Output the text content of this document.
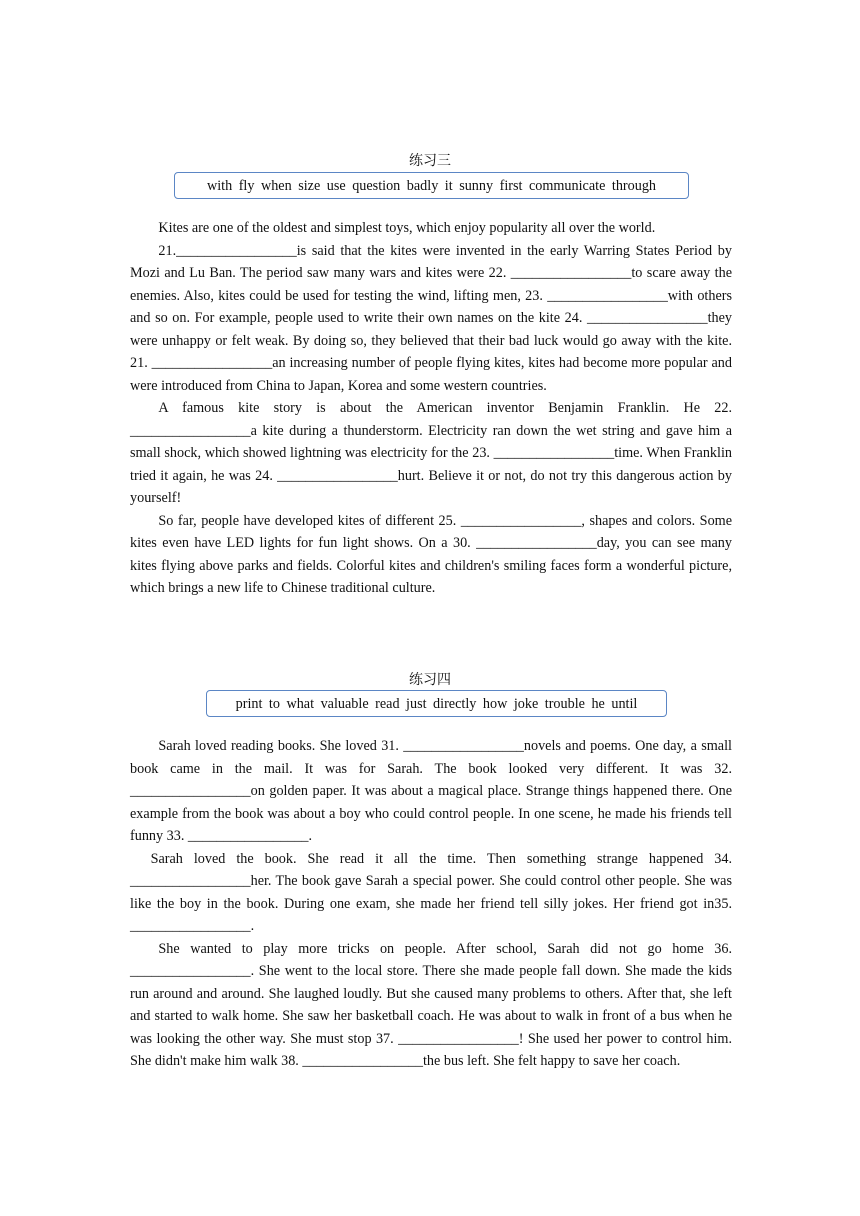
练习三
with fly when size use question badly it sunny first communicate through

Kites are one of the oldest and simplest toys, which enjoy popularity all over the world.

21._________________is said that the kites were invented in the early Warring States Period by Mozi and Lu Ban. The period saw many wars and kites were 22. _________________to scare away the enemies. Also, kites could be used for testing the wind, lifting men, 23. _________________with others and so on. For example, people used to write their own names on the kite 24. _________________they were unhappy or felt weak. By doing so, they believed that their bad luck would go away with the kite. 21. _________________an increasing number of people flying kites, kites had become more popular and were introduced from China to Japan, Korea and some western countries.

A famous kite story is about the American inventor Benjamin Franklin. He 22. _________________a kite during a thunderstorm. Electricity ran down the wet string and gave him a small shock, which showed lightning was electricity for the 23. _________________time. When Franklin tried it again, he was 24. _________________hurt. Believe it or not, do not try this dangerous action by yourself!

So far, people have developed kites of different 25. _________________, shapes and colors. Some kites even have LED lights for fun light shows. On a 30. _________________day, you can see many kites flying above parks and fields. Colorful kites and children's smiling faces form a wonderful picture, which brings a new life to Chinese traditional culture.

练习四
print to what valuable read just directly how joke trouble he until

Sarah loved reading books. She loved 31. _________________novels and poems. One day, a small book came in the mail. It was for Sarah. The book looked very different. It was 32. _________________on golden paper. It was about a magical place. Strange things happened there. One example from the book was about a boy who could control people. In one scene, he made his friends tell funny 33. _________________.

Sarah loved the book. She read it all the time. Then something strange happened 34. _________________her. The book gave Sarah a special power. She could control other people. She was like the boy in the book. During one exam, she made her friend tell silly jokes. Her friend got in35. _________________.

She wanted to play more tricks on people. After school, Sarah did not go home 36. _________________. She went to the local store. There she made people fall down. She made the kids run around and around. She laughed loudly. But she caused many problems to others. After that, she left and started to walk home. She saw her basketball coach. He was about to walk in front of a bus when he was looking the other way. She must stop 37. _________________! She used her power to control him. She didn't make him walk 38. _________________the bus left. She felt happy to save her coach.
